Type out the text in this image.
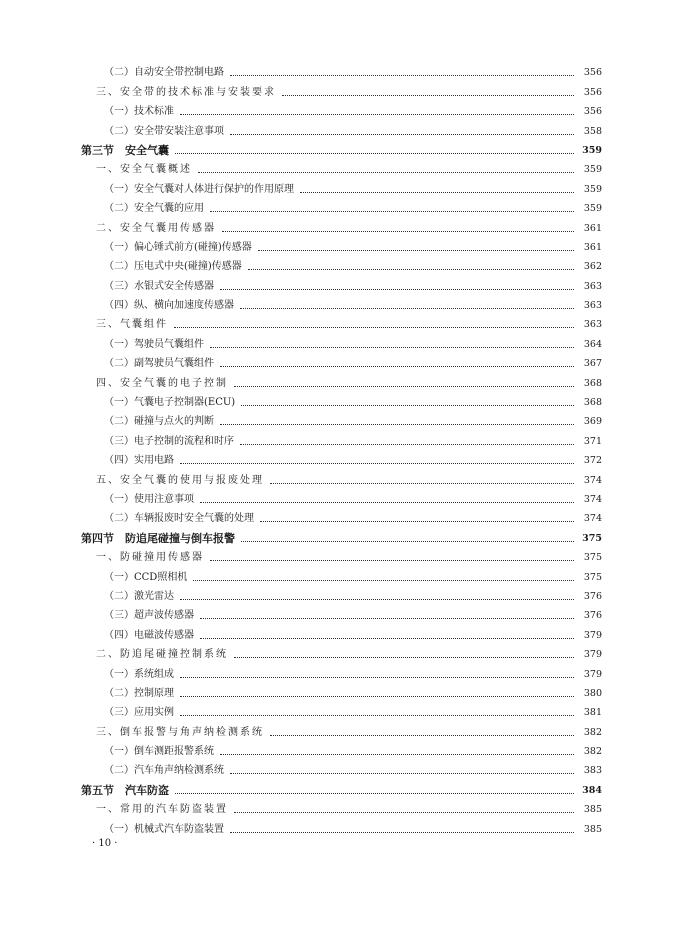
（二）自动安全带控制电路	356
三、安全带的技术标准与安装要求	356
（一）技术标准	356
（二）安全带安装注意事项	358
第三节　安全气囊	359
一、安全气囊概述	359
（一）安全气囊对人体进行保护的作用原理	359
（二）安全气囊的应用	359
二、安全气囊用传感器	361
（一）偏心锤式前方(碰撞)传感器	361
（二）压电式中央(碰撞)传感器	362
（三）水银式安全传感器	363
（四）纵、横向加速度传感器	363
三、气囊组件	363
（一）驾驶员气囊组件	364
（二）副驾驶员气囊组件	367
四、安全气囊的电子控制	368
（一）气囊电子控制器(ECU)	368
（二）碰撞与点火的判断	369
（三）电子控制的流程和时序	371
（四）实用电路	372
五、安全气囊的使用与报废处理	374
（一）使用注意事项	374
（二）车辆报废时安全气囊的处理	374
第四节　防追尾碰撞与倒车报警	375
一、防碰撞用传感器	375
（一）CCD照相机	375
（二）激光雷达	376
（三）超声波传感器	376
（四）电磁波传感器	379
二、防追尾碰撞控制系统	379
（一）系统组成	379
（二）控制原理	380
（三）应用实例	381
三、倒车报警与角声纳检测系统	382
（一）倒车测距报警系统	382
（二）汽车角声纳检测系统	383
第五节　汽车防盗	384
一、常用的汽车防盗装置	385
（一）机械式汽车防盗装置	385
· 10 ·
